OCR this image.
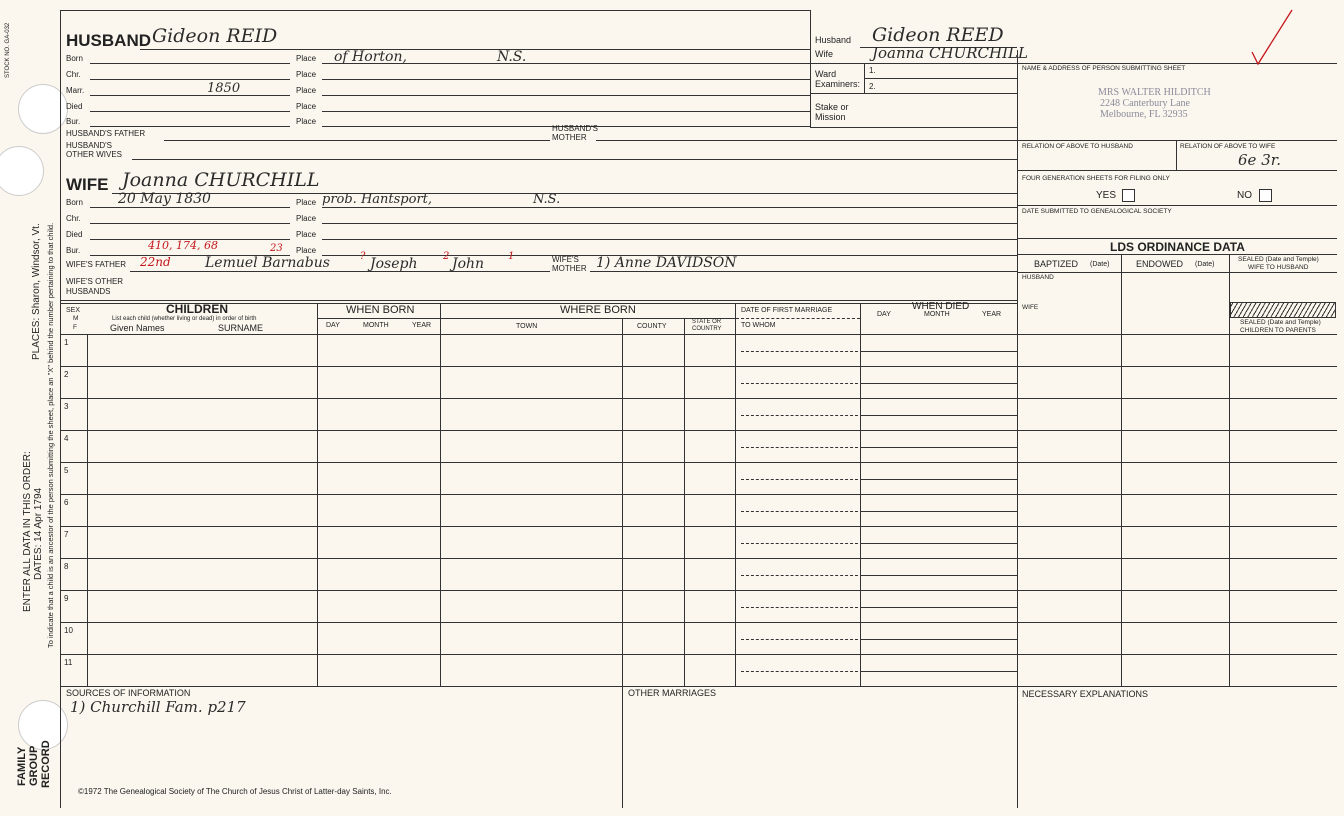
STOCK NO. GA-032
PLACES: Sharon, Windsor, Vt.
ENTER ALL DATA IN THIS ORDER: DATES: 14 Apr 1794 To indicate that a child is an ancestor of the person submitting the sheet, place an "X" behind the number pertaining to that child.
FAMILY GROUP RECORD
HUSBAND Gideon REID
Born	Place of Horton,	N.S.
Chr.	Place
Marr.	1850	Place
Died	Place
Bur.	Place
HUSBAND'S FATHER
HUSBAND'S
MOTHER
HUSBAND'S
OTHER WIVES
WIFE Joanna CHURCHILL
Born	20 May 1830	Place prob. Hantsport,	N.S.
Chr.	Place
Died	Place
Bur.	Place
410, 174, 68	23
WIFE'S FATHER 22nd Lemuel Barnabus	? Joseph	2 John 1	WIFE'S
MOTHER 1) Anne DAVIDSON
WIFE'S OTHER
HUSBANDS
Husband Gideon REED
Wife	Joanna CHURCHILL
Ward
Examiners:
1.
2.
Stake or
Mission
NAME & ADDRESS OF PERSON SUBMITTING SHEET
MRS WALTER HILDITCH
2248 Canterbury Lane
Melbourne, FL 32935
RELATION OF ABOVE TO HUSBAND	RELATION OF ABOVE TO WIFE
6e 3r.
FOUR GENERATION SHEETS FOR FILING ONLY
YES	NO
DATE SUBMITTED TO GENEALOGICAL SOCIETY
LDS ORDINANCE DATA
BAPTIZED (Date)	ENDOWED (Date)
SEALED (Date and Temple)
WIFE TO HUSBAND
HUSBAND
WIFE
SEALED (Date and Temple)
CHILDREN TO PARENTS
SEX
M
F
CHILDREN
List each child (whether living or dead) in order of birth
Given Names	SURNAME
WHEN BORN
DAY	MONTH	YEAR
WHERE BORN
TOWN	COUNTY
STATE OR
COUNTRY
DATE OF FIRST MARRIAGE
TO WHOM
WHEN DIED
DAY	MONTH	YEAR
1
2
3
4
5
6
7
8
9
10
11
SOURCES OF INFORMATION
1) Churchill Fam. p217
OTHER MARRIAGES	NECESSARY EXPLANATIONS
©1972 The Genealogical Society of The Church of Jesus Christ of Latter-day Saints, Inc.
